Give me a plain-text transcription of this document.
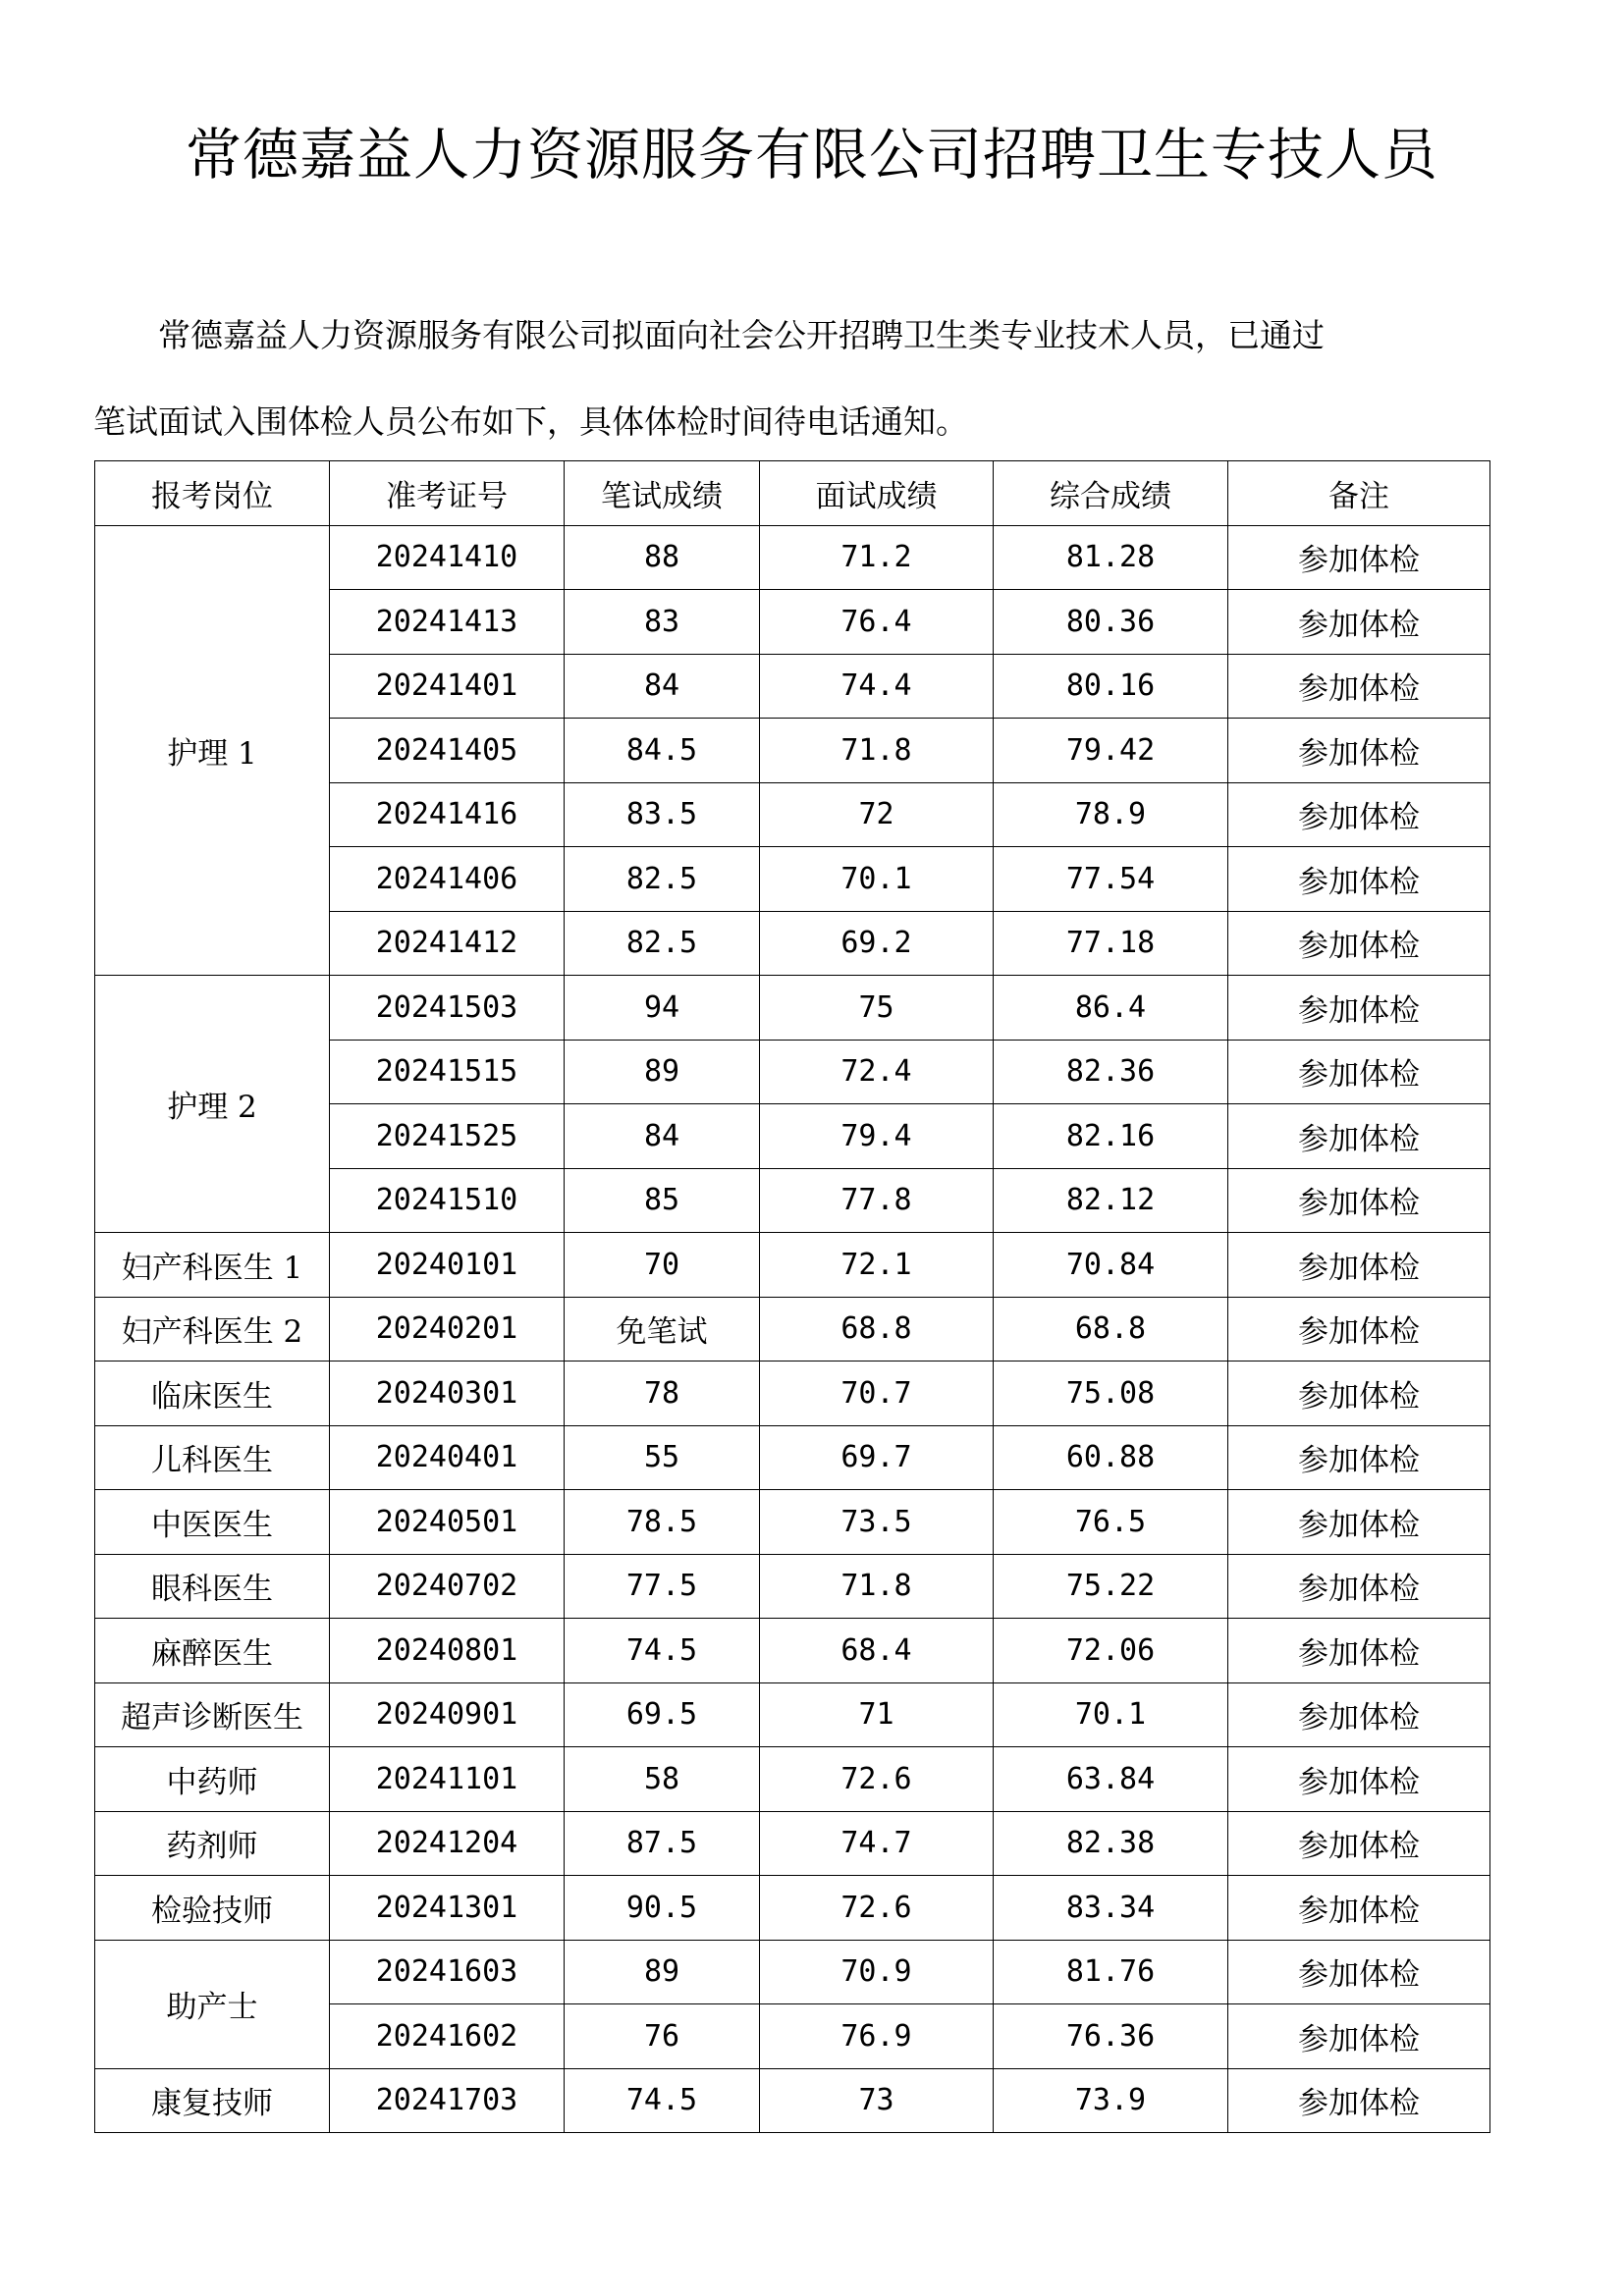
常德嘉益人力资源服务有限公司招聘卫生专技人员

常德嘉益人力资源服务有限公司拟面向社会公开招聘卫生类专业技术人员，已通过

笔试面试入围体检人员公布如下，具体体检时间待电话通知。

报考岗位	准考证号	笔试成绩	面试成绩	综合成绩	备注
护理 1	20241410	88	71.2	81.28	参加体检
	20241413	83	76.4	80.36	参加体检
	20241401	84	74.4	80.16	参加体检
	20241405	84.5	71.8	79.42	参加体检
	20241416	83.5	72	78.9	参加体检
	20241406	82.5	70.1	77.54	参加体检
	20241412	82.5	69.2	77.18	参加体检
护理 2	20241503	94	75	86.4	参加体检
	20241515	89	72.4	82.36	参加体检
	20241525	84	79.4	82.16	参加体检
	20241510	85	77.8	82.12	参加体检
妇产科医生 1	20240101	70	72.1	70.84	参加体检
妇产科医生 2	20240201	免笔试	68.8	68.8	参加体检
临床医生	20240301	78	70.7	75.08	参加体检
儿科医生	20240401	55	69.7	60.88	参加体检
中医医生	20240501	78.5	73.5	76.5	参加体检
眼科医生	20240702	77.5	71.8	75.22	参加体检
麻醉医生	20240801	74.5	68.4	72.06	参加体检
超声诊断医生	20240901	69.5	71	70.1	参加体检
中药师	20241101	58	72.6	63.84	参加体检
药剂师	20241204	87.5	74.7	82.38	参加体检
检验技师	20241301	90.5	72.6	83.34	参加体检
助产士	20241603	89	70.9	81.76	参加体检
	20241602	76	76.9	76.36	参加体检
康复技师	20241703	74.5	73	73.9	参加体检
